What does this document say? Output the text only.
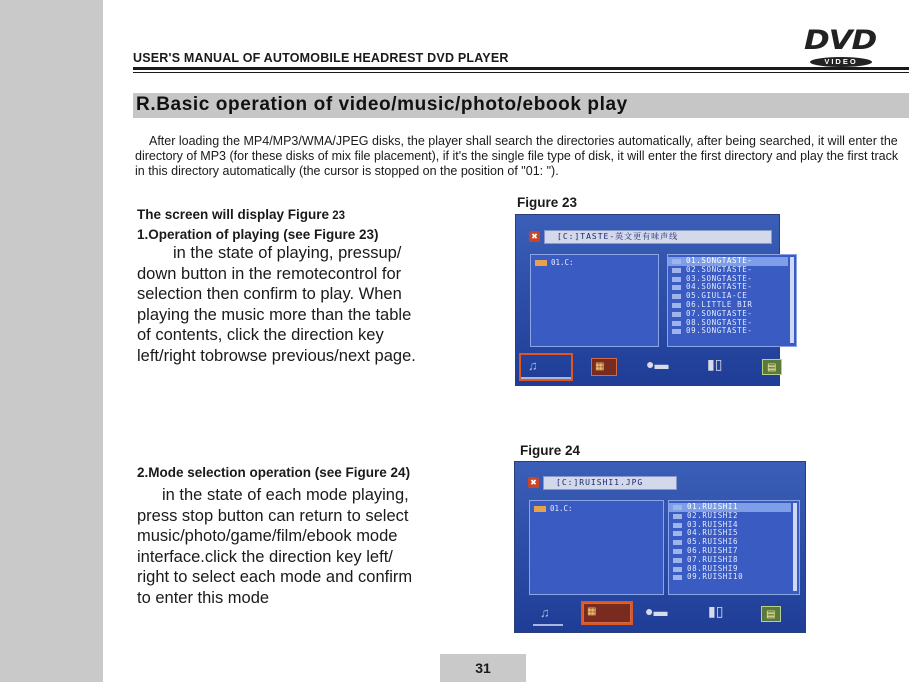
USER'S MANUAL OF AUTOMOBILE HEADREST DVD PLAYER
DVD
VIDEO
R.Basic operation of video/music/photo/ebook play
After loading the MP4/MP3/WMA/JPEG disks, the player shall search the directories automatically, after being searched, it will enter the directory of MP3 (for these disks of mix file placement), if it's the single file type of disk, it will enter the first directory and play the first track in this directory automatically (the cursor is stopped on the position of "01: ").
The screen will display Figure 23
1.Operation of playing (see Figure 23)
in the state of playing, pressup/
down button in the remotecontrol for
selection then confirm to play. When
playing the music more than the table
of contents, click the direction key
left/right tobrowse previous/next page.
2.Mode selection operation (see Figure 24)
in the state of each mode playing,
press stop button can return to select
music/photo/game/film/ebook mode
interface.click the direction key left/
right to select each mode and confirm
to enter this mode
Figure 23
✖ [C:]TASTE-英文更有味声线
01.C:	01.SONGTASTE-
02.SONGTASTE-
03.SONGTASTE-
04.SONGTASTE-
05.GIULIA-CE
06.LITTLE BIR
07.SONGTASTE-
08.SONGTASTE-
09.SONGTASTE-
♫	▦	●▬	▮▯	▤
Figure 24
✖ [C:]RUISHI1.JPG
01.C:	01.RUISHI1
02.RUISHI2
03.RUISHI4
04.RUISHI5
05.RUISHI6
06.RUISHI7
07.RUISHI8
08.RUISHI9
09.RUISHI10
♫	▦	●▬	▮▯	▤
31
